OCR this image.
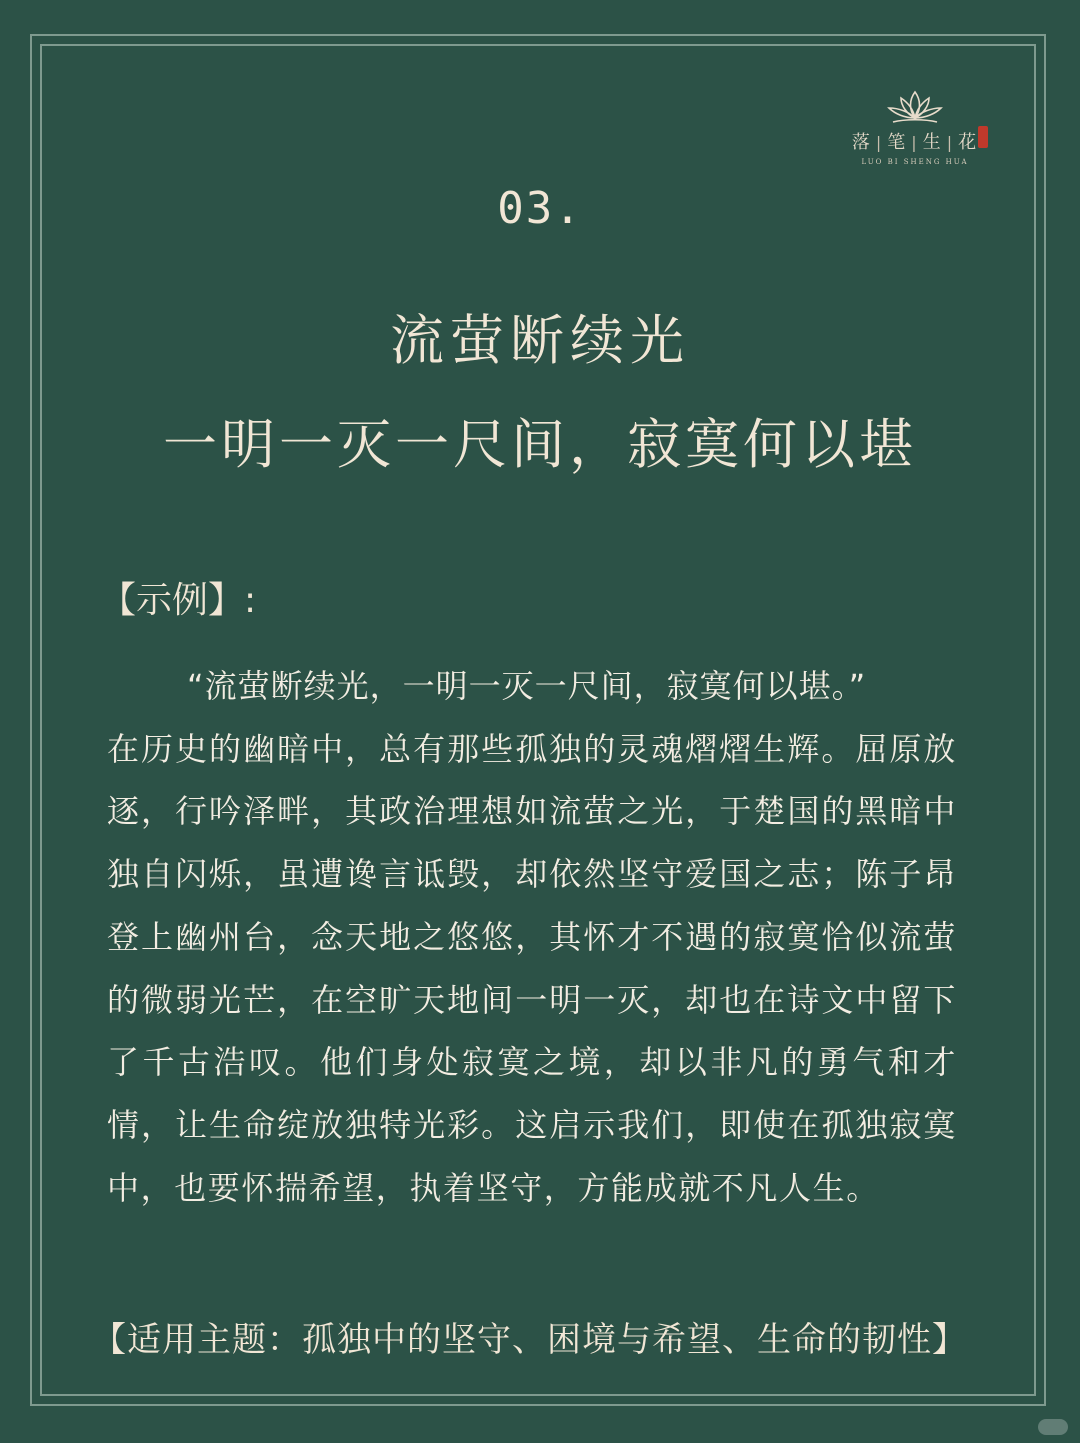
落 | 笔 | 生 | 花
LUO BI SHENG HUA
03.
流萤断续光
一明一灭一尺间，寂寞何以堪
【示例】:
“流萤断续光，一明一灭一尺间，寂寞何以堪。”
在历史的幽暗中，总有那些孤独的灵魂熠熠生辉。屈原放逐，行吟泽畔，其政治理想如流萤之光，于楚国的黑暗中独自闪烁，虽遭谗言诋毁，却依然坚守爱国之志；陈子昂登上幽州台，念天地之悠悠，其怀才不遇的寂寞恰似流萤的微弱光芒，在空旷天地间一明一灭，却也在诗文中留下了千古浩叹。他们身处寂寞之境，却以非凡的勇气和才情，让生命绽放独特光彩。这启示我们，即使在孤独寂寞中，也要怀揣希望，执着坚守，方能成就不凡人生。
【适用主题：孤独中的坚守、困境与希望、生命的韧性】
